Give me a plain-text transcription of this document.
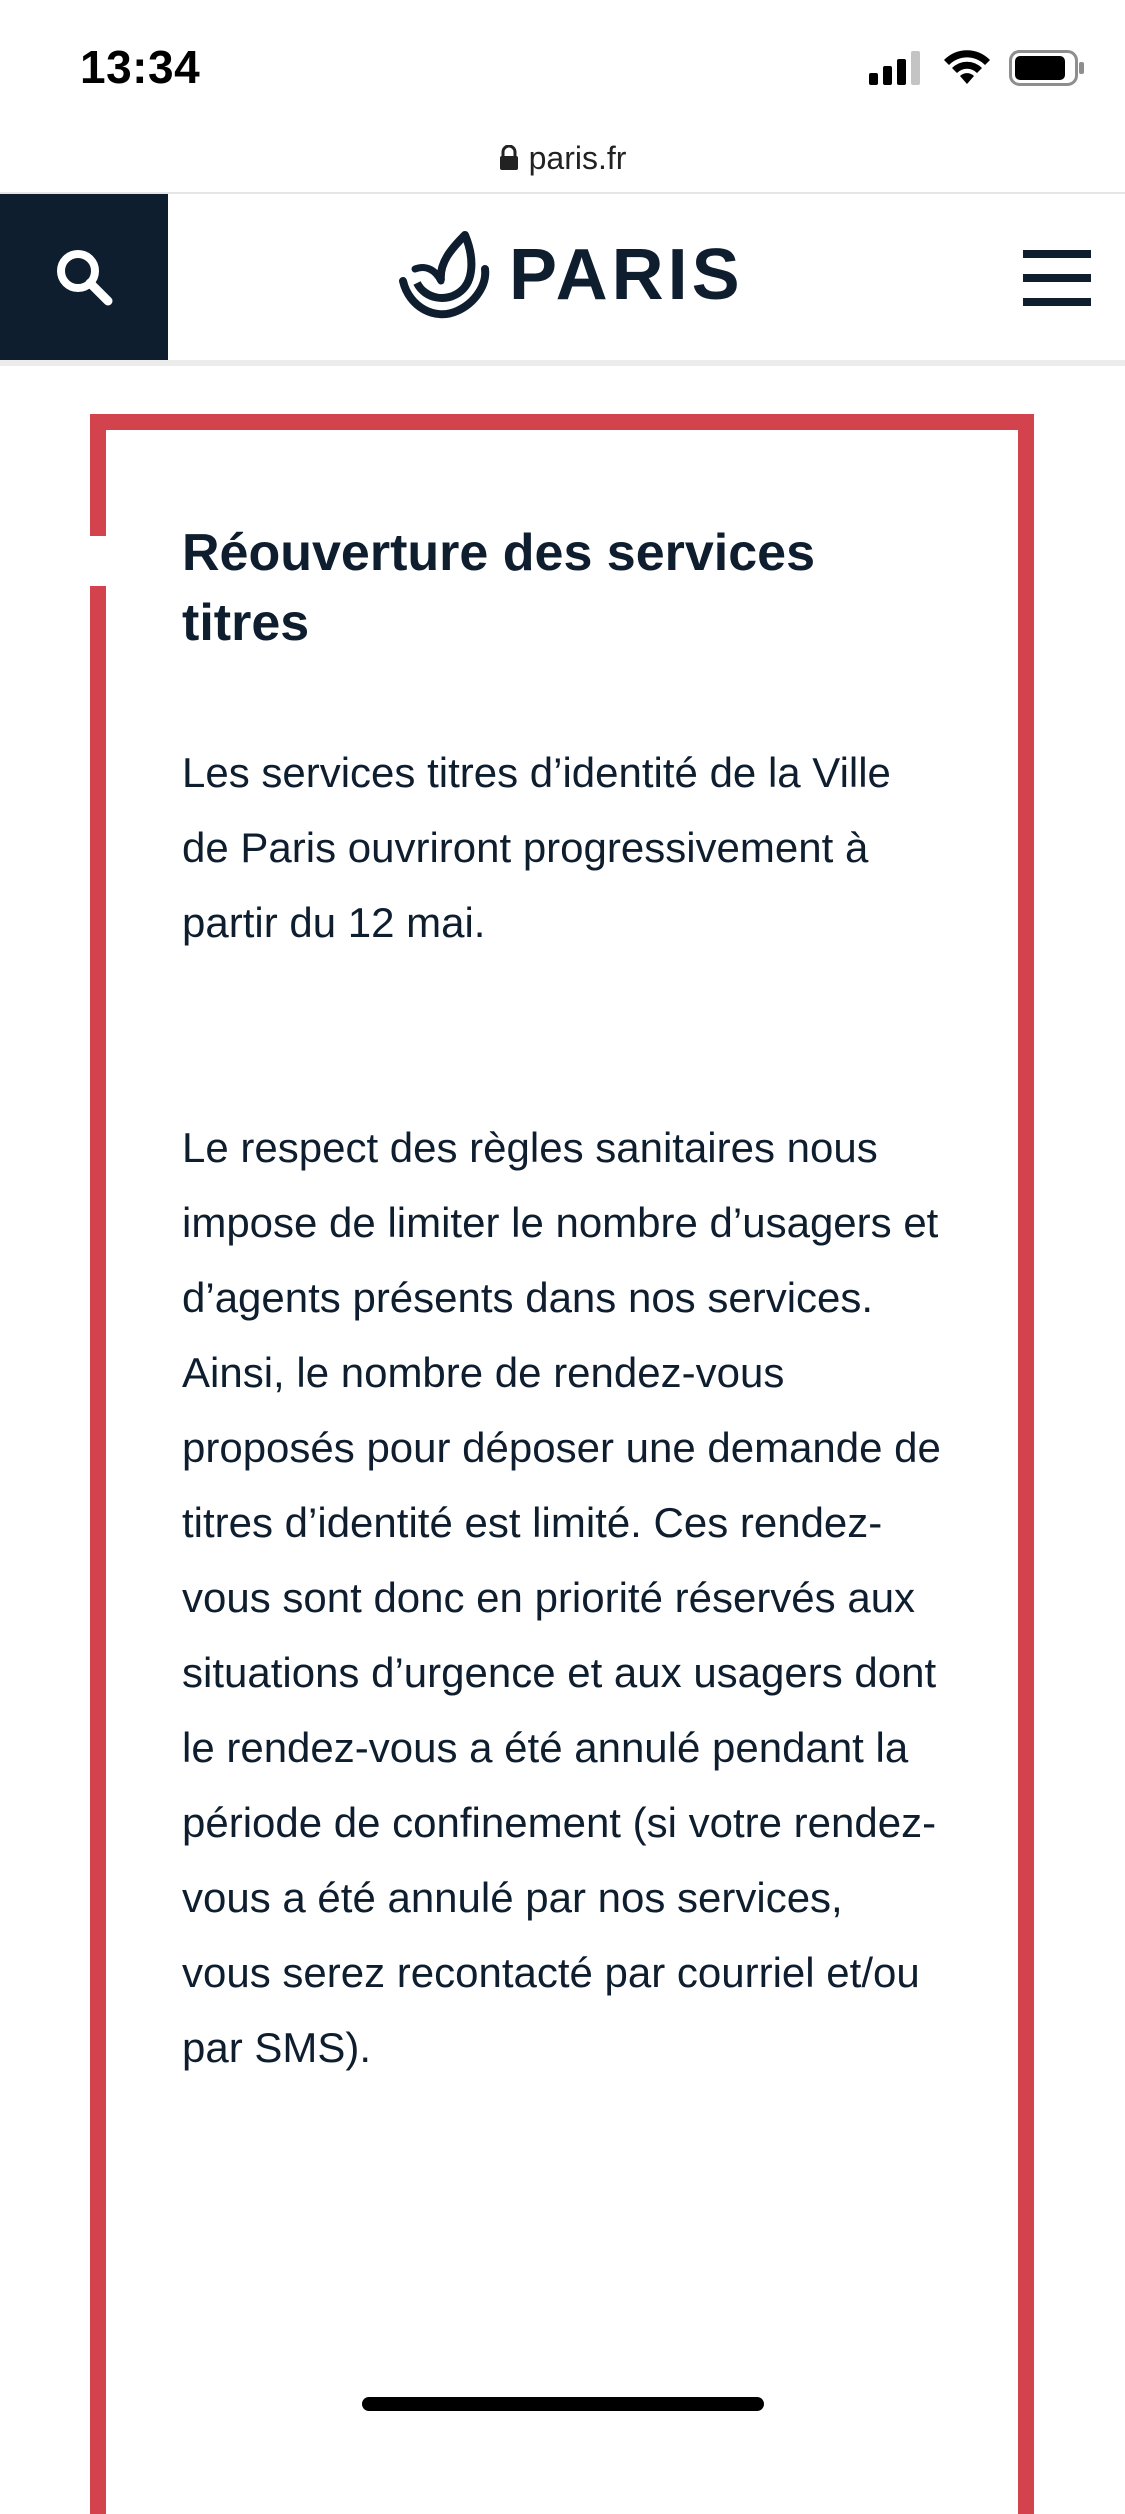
13:34
paris.fr
PARIS
Réouverture des services titres

Les services titres d’identité de la Ville de Paris ouvriront progressivement à partir du 12 mai.

Le respect des règles sanitaires nous impose de limiter le nombre d’usagers et d’agents présents dans nos services. Ainsi, le nombre de rendez-vous proposés pour déposer une demande de titres d’identité est limité. Ces rendez-vous sont donc en priorité réservés aux situations d’urgence et aux usagers dont le rendez-vous a été annulé pendant la période de confinement (si votre rendez-vous a été annulé par nos services, vous serez recontacté par courriel et/ou par SMS).
